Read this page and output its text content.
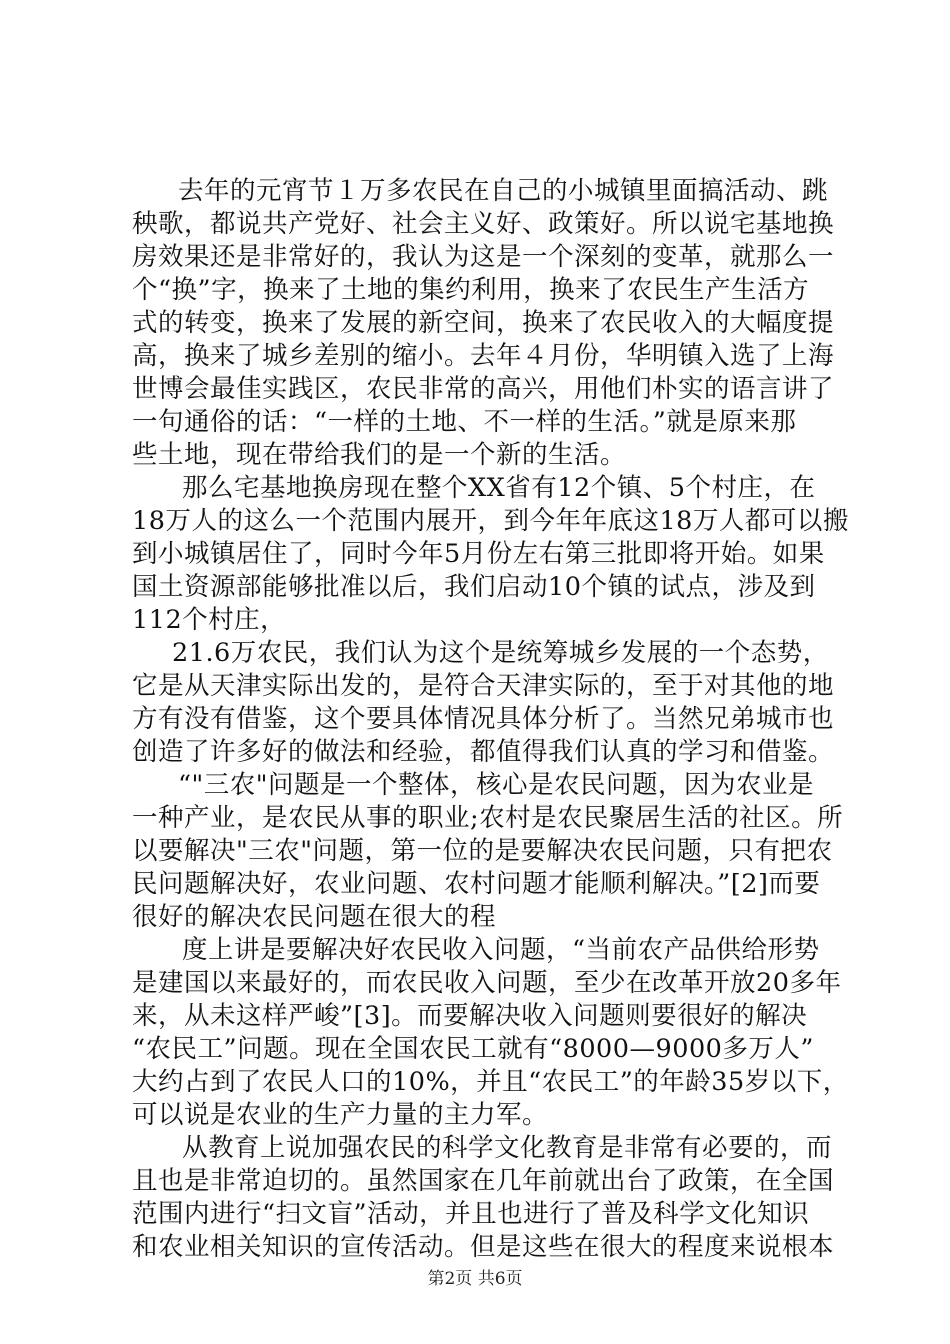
去年的元宵节１万多农民在自己的小城镇里面搞活动、跳
秧歌，都说共产党好、社会主义好、政策好。所以说宅基地换
房效果还是非常好的，我认为这是一个深刻的变革，就那么一
个“换”字，换来了土地的集约利用，换来了农民生产生活方
式的转变，换来了发展的新空间，换来了农民收入的大幅度提
高，换来了城乡差别的缩小。去年４月份，华明镇入选了上海
世博会最佳实践区，农民非常的高兴，用他们朴实的语言讲了
一句通俗的话：“一样的土地、不一样的生活。”就是原来那
些土地，现在带给我们的是一个新的生活。
那么宅基地换房现在整个XX省有12个镇、5个村庄，在
18万人的这么一个范围内展开，到今年年底这18万人都可以搬
到小城镇居住了，同时今年5月份左右第三批即将开始。如果
国土资源部能够批准以后，我们启动10个镇的试点，涉及到
112个村庄，
21.6万农民，我们认为这个是统筹城乡发展的一个态势，
它是从天津实际出发的，是符合天津实际的，至于对其他的地
方有没有借鉴，这个要具体情况具体分析了。当然兄弟城市也
创造了许多好的做法和经验，都值得我们认真的学习和借鉴。
“"三农"问题是一个整体，核心是农民问题，因为农业是
一种产业，是农民从事的职业;农村是农民聚居生活的社区。所
以要解决"三农"问题，第一位的是要解决农民问题，只有把农
民问题解决好，农业问题、农村问题才能顺利解决。”[2]而要
很好的解决农民问题在很大的程
度上讲是要解决好农民收入问题，“当前农产品供给形势
是建国以来最好的，而农民收入问题，至少在改革开放20多年
来，从未这样严峻”[3]。而要解决收入问题则要很好的解决
“农民工”问题。现在全国农民工就有“8000—9000多万人”
大约占到了农民人口的10%，并且“农民工”的年龄35岁以下，
可以说是农业的生产力量的主力军。
从教育上说加强农民的科学文化教育是非常有必要的，而
且也是非常迫切的。虽然国家在几年前就出台了政策，在全国
范围内进行“扫文盲”活动，并且也进行了普及科学文化知识
和农业相关知识的宣传活动。但是这些在很大的程度来说根本
第2页 共6页
